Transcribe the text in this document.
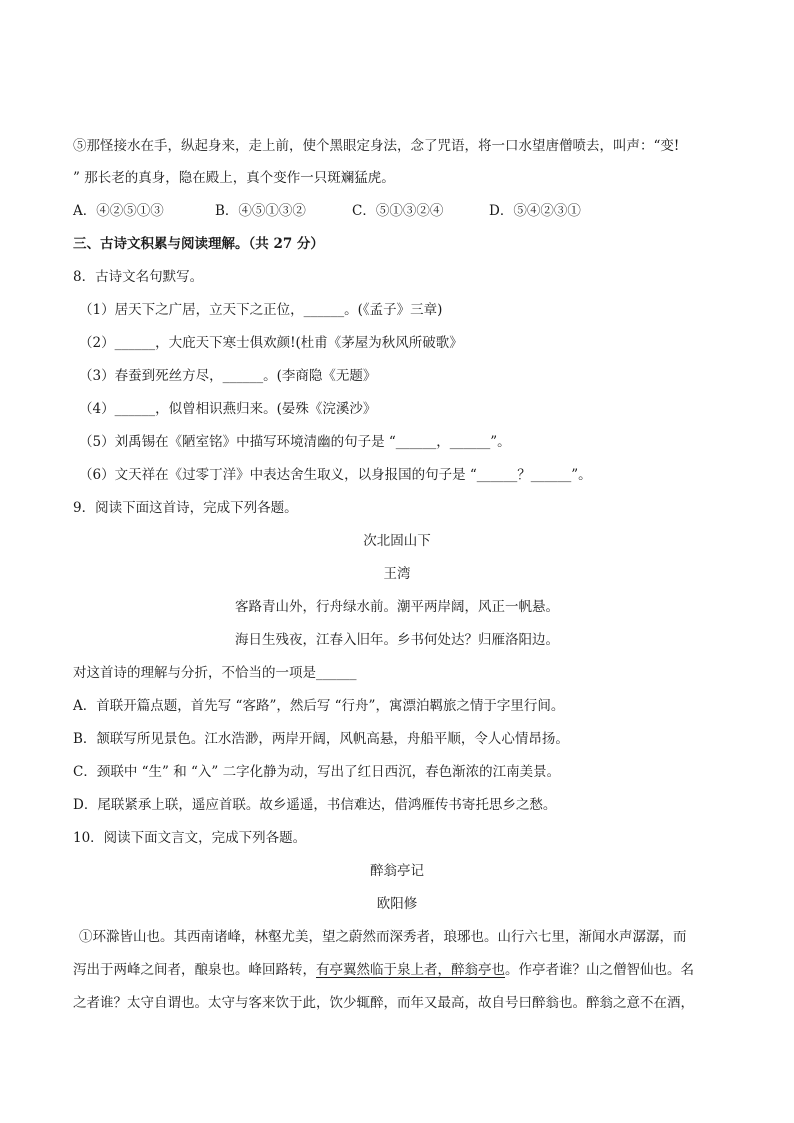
⑤那怪接水在手，纵起身来，走上前，使个黑眼定身法，念了咒语，将一口水望唐僧喷去，叫声：“变!
” 那长老的真身，隐在殿上，真个变作一只斑斓猛虎。
A．④②⑤①③	B．④⑤①③②	C．⑤①③②④	D．⑤④②③①
三、古诗文积累与阅读理解。（共 27 分）
8．古诗文名句默写。
（1）居天下之广居，立天下之正位，______。(《孟子》三章)
（2）______，大庇天下寒士俱欢颜!(杜甫《茅屋为秋风所破歌》
（3）春蚕到死丝方尽，______。(李商隐《无题》
（4）______，似曾相识燕归来。(晏殊《浣溪沙》
（5）刘禹锡在《陋室铭》中描写环境清幽的句子是 “______，______”。
（6）文天祥在《过零丁洋》中表达舍生取义，以身报国的句子是 “______？______”。
9．阅读下面这首诗，完成下列各题。
次北固山下
王湾
客路青山外，行舟绿水前。潮平两岸阔，风正一帆悬。
海日生残夜，江春入旧年。乡书何处达？归雁洛阳边。
对这首诗的理解与分折，不恰当的一项是______
A．首联开篇点题，首先写 “客路”，然后写 “行舟”，寓漂泊羁旅之情于字里行间。
B．颔联写所见景色。江水浩渺，两岸开阔，风帆高悬，舟船平顺，令人心情昂扬。
C．颈联中 “生” 和 “入” 二字化静为动，写出了红日西沉，春色渐浓的江南美景。
D．尾联紧承上联，遥应首联。故乡遥遥，书信难达，借鸿雁传书寄托思乡之愁。
10．阅读下面文言文，完成下列各题。
醉翁亭记
欧阳修
①环滁皆山也。其西南诸峰，林壑尤美，望之蔚然而深秀者，琅琊也。山行六七里，渐闻水声潺潺，而
泻出于两峰之间者，酿泉也。峰回路转，有亭翼然临于泉上者，醉翁亭也。作亭者谁？山之僧智仙也。名
之者谁？太守自谓也。太守与客来饮于此，饮少辄醉，而年又最高，故自号曰醉翁也。醉翁之意不在酒，
